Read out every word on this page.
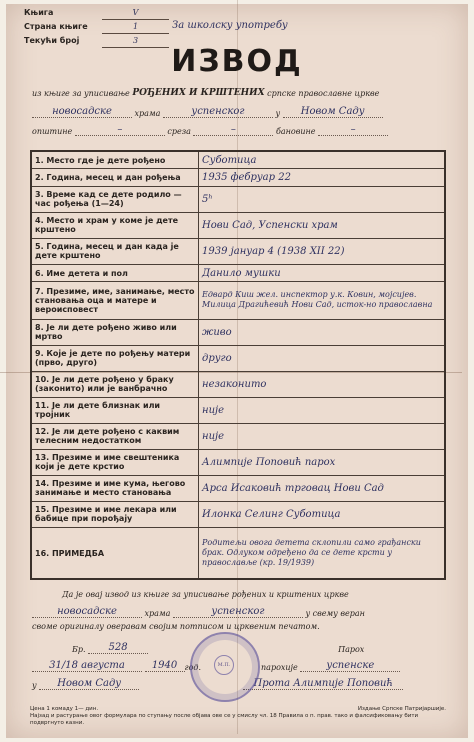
Књига	V
Страна књиге	1
Текући број	3
За школску употребу
ИЗВОД
из књиге за уписивање
РОЂЕНИХ И КРШТЕНИХ
српске православне цркве
новосадске
	храма
	успенског
	у
	Новом Саду
општине
	–
	среза
	–
	бановине
	–
1. Место где је дете рођено	Суботица
2. Година, месец и дан рођења	1935 фебруар 22
3. Време кад се дете родило — час рођења (1—24)	5ʰ
4. Место и храм у коме је дете крштено	Нови Сад, Успенски храм
5. Година, месец и дан када је дете крштено	1939 јануар 4 (1938 XII 22)
6. Име детета и пол	Данило мушки
7. Презиме, име, занимање, место становања оца и матере и вероисповест	Едвард Киш жел. инспектор у.к. Ковин, мојсијев. Милица Драгићевић Нови Сад, исток-но православна
8. Је ли дете рођено живо или мртво	живо
9. Које је дете по рођењу матери (прво, друго)	друго
10. Је ли дете рођено у браку (законито) или је ванбрачно	незаконито
11. Је ли дете близнак или тројник	није
12. Је ли дете рођено с каквим телесним недостатком	није
13. Презиме и име свештеника који је дете крстио	Алимпије Поповић парох
14. Презиме и име кума, његово занимање и место становања	Арса Исаковић трговац Нови Сад
15. Презиме и име лекара или бабице при порођају	Илонка Селинг Суботица
16. ПРИМЕДБА	Родитељи овога детета склопили само грађански брак. Одлуком одређено да се дете крсти у православље (кр. 19/1939)
Да је овај извод из књиге за уписивање рођених и крштених цркве
новосадске
	храма
	успенског
	у свему веран
своме оригиналу оверавам својим потписом и црквеним печатом.
Бр.
	528	Парох
31/18 августа
	1940 год.	парохије
	успенске
у
	Новом Саду	Прота Алимпије Поповић
М.П.
Цена 1 комаду 1— дин.	Издање Српске Патријаршије.
Најзад и растурање овог формулара по ступању после објава ове се у смислу чл. 18 Правила о п. прав. тако и фалсификовању бити подвргнуто казни.
